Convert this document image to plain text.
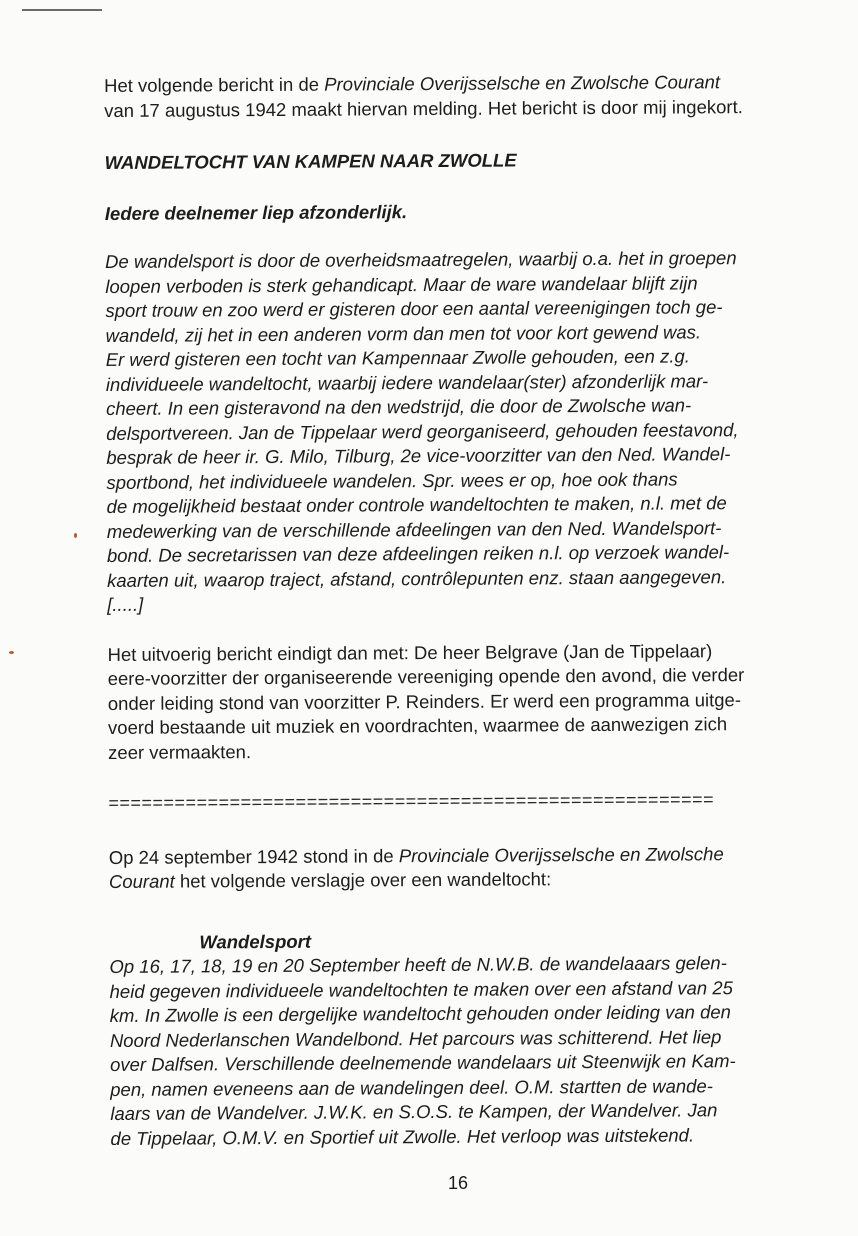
Het volgende bericht in de Provinciale Overijsselsche en Zwolsche Courant
van 17 augustus 1942 maakt hiervan melding. Het bericht is door mij ingekort.

WANDELTOCHT VAN KAMPEN NAAR ZWOLLE

Iedere deelnemer liep afzonderlijk.

De wandelsport is door de overheidsmaatregelen, waarbij o.a. het in groepen
loopen verboden is sterk gehandicapt. Maar de ware wandelaar blijft zijn
sport trouw en zoo werd er gisteren door een aantal vereenigingen toch ge-
wandeld, zij het in een anderen vorm dan men tot voor kort gewend was.
Er werd gisteren een tocht van Kampennaar Zwolle gehouden, een z.g.
individueele wandeltocht, waarbij iedere wandelaar(ster) afzonderlijk mar-
cheert. In een gisteravond na den wedstrijd, die door de Zwolsche wan-
delsportvereen. Jan de Tippelaar werd georganiseerd, gehouden feestavond,
besprak de heer ir. G. Milo, Tilburg, 2e vice-voorzitter van den Ned. Wandel-
sportbond, het individueele wandelen. Spr. wees er op, hoe ook thans
de mogelijkheid bestaat onder controle wandeltochten te maken, n.l. met de
medewerking van de verschillende afdeelingen van den Ned. Wandelsport-
bond. De secretarissen van deze afdeelingen reiken n.l. op verzoek wandel-
kaarten uit, waarop traject, afstand, contrôlepunten enz. staan aangegeven.

[.....]

Het uitvoerig bericht eindigt dan met: De heer Belgrave (Jan de Tippelaar)
eere-voorzitter der organiseerende vereeniging opende den avond, die verder
onder leiding stond van voorzitter P. Reinders. Er werd een programma uitge-
voerd bestaande uit muziek en voordrachten, waarmee de aanwezigen zich
zeer vermaakten.

=======================================================

Op 24 september 1942 stond in de Provinciale Overijsselsche en Zwolsche
Courant het volgende verslagje over een wandeltocht:

Wandelsport

Op 16, 17, 18, 19 en 20 September heeft de N.W.B. de wandelaaars gelen-
heid gegeven individueele wandeltochten te maken over een afstand van 25
km. In Zwolle is een dergelijke wandeltocht gehouden onder leiding van den
Noord Nederlanschen Wandelbond. Het parcours was schitterend. Het liep
over Dalfsen. Verschillende deelnemende wandelaars uit Steenwijk en Kam-
pen, namen eveneens aan de wandelingen deel. O.M. startten de wande-
laars van de Wandelver. J.W.K. en S.O.S. te Kampen, der Wandelver. Jan
de Tippelaar, O.M.V. en Sportief uit Zwolle. Het verloop was uitstekend.

16
